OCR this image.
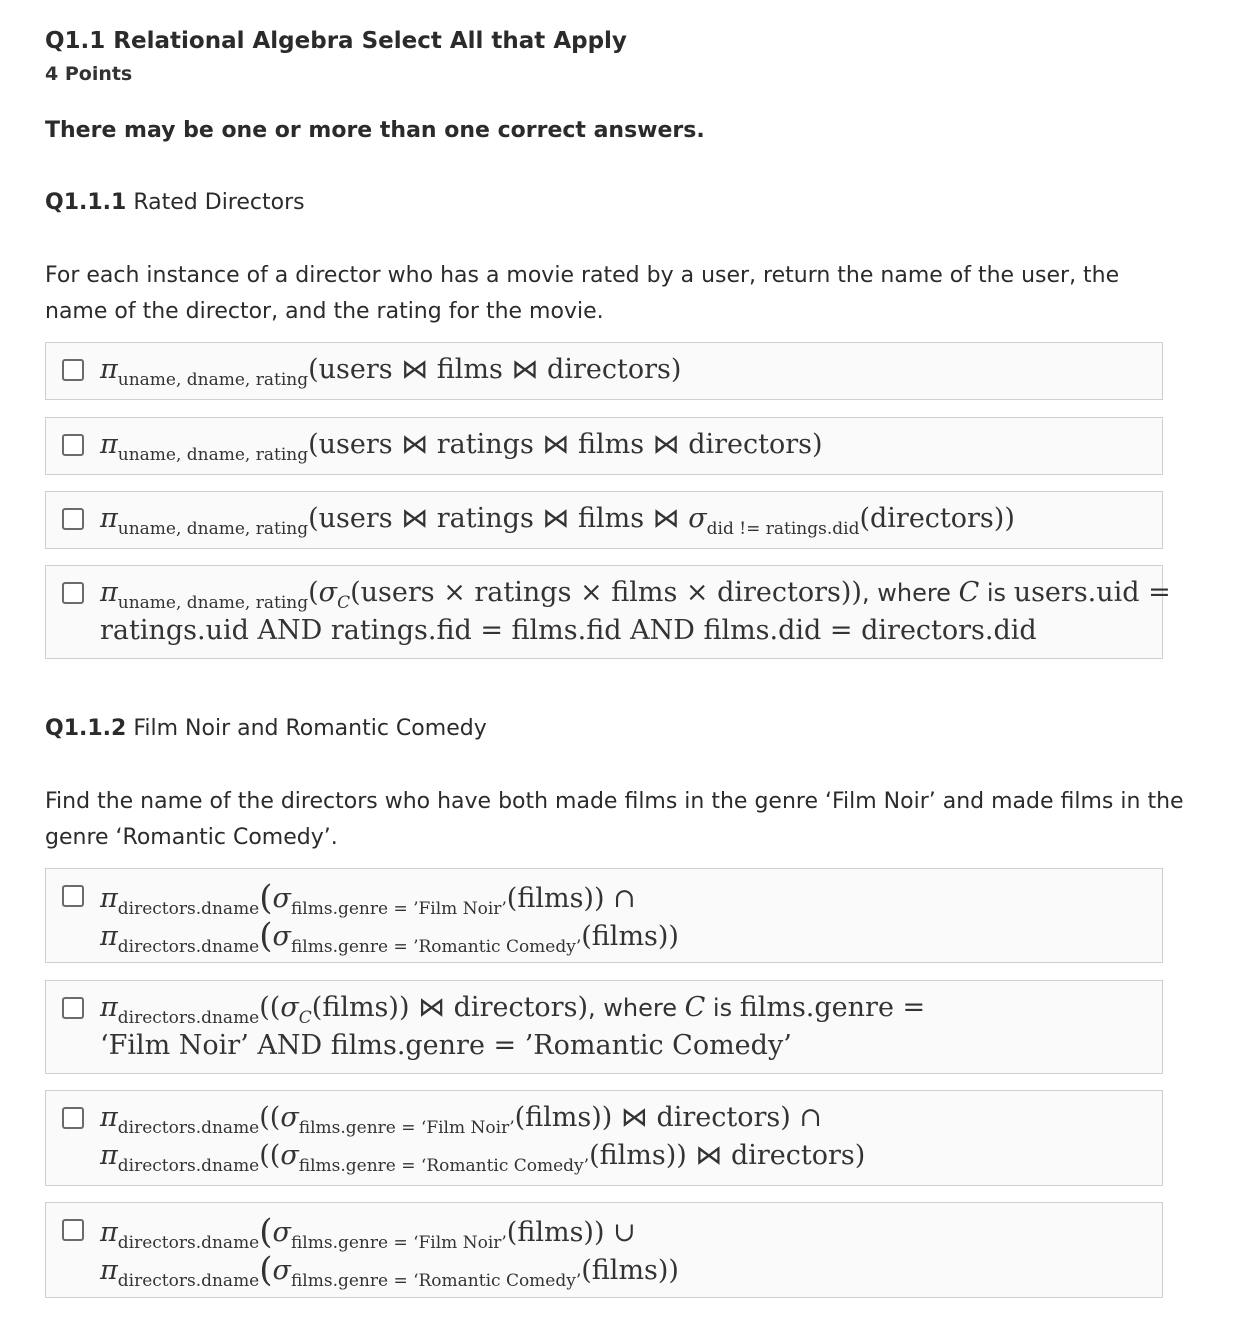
Q1.1 Relational Algebra Select All that Apply
4 Points
There may be one or more than one correct answers.
Q1.1.1 Rated Directors
For each instance of a director who has a movie rated by a user, return the name of the user, the name of the director, and the rating for the movie.
$\pi_{uname, dname, rating}(users$ ⋈ films ⋈ directors)
$\pi_{uname, dname, rating}(users$ ⋈ ratings ⋈ films ⋈ directors)
$\pi_{uname, dname, rating}(users$ ⋈ ratings ⋈ films ⋈ $\sigma_{did != ratings.did}(directors)$)
$\pi_{uname, dname, rating}(\sigma_C(users$ × ratings × films × directors)), where C is users.uid =
ratings.uid AND ratings.fid = films.fid AND films.did = directors.did
Q1.1.2 Film Noir and Romantic Comedy
Find the name of the directors who have both made films in the genre ‘Film Noir’ and made films in the genre ‘Romantic Comedy’.
$\pi_{directors.dname}(\sigma_{films.genre = ’Film Noir’}(films))$ ∩
$\pi_{directors.dname}(\sigma_{films.genre = ’Romantic Comedy’}(films))$
$\pi_{directors.dname}((\sigma_C(films))$ ⋈ directors), where C is films.genre =
‘Film Noir’ AND films.genre = ’Romantic Comedy’
$\pi_{directors.dname}((\sigma_{films.genre = ‘Film Noir’}(films))$ ⋈ directors) ∩
$\pi_{directors.dname}((\sigma_{films.genre = ‘Romantic Comedy’}(films))$ ⋈ directors)
$\pi_{directors.dname}(\sigma_{films.genre = ‘Film Noir’}(films))$ ∪
$\pi_{directors.dname}(\sigma_{films.genre = ‘Romantic Comedy’}(films))$
